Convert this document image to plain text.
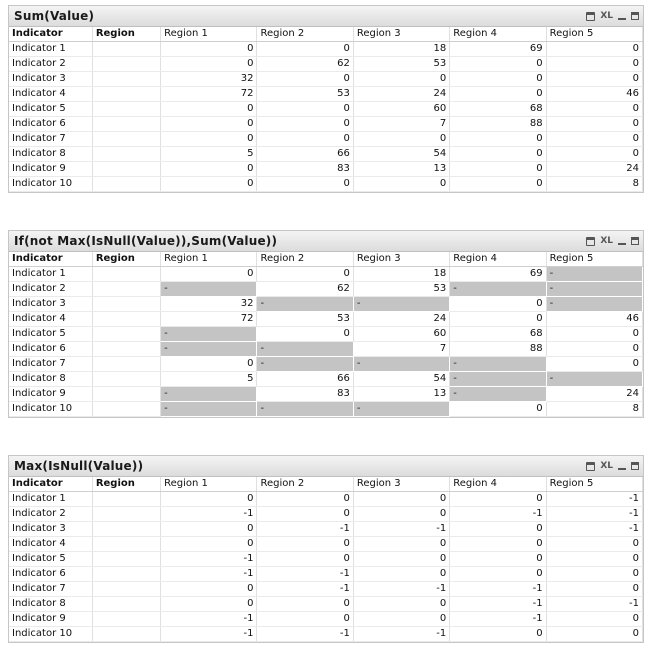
Sum(Value)	XL
Indicator	Region	Region 1	Region 2	Region 3	Region 4	Region 5
Indicator 1		0	0	18	69	0
Indicator 2		0	62	53	0	0
Indicator 3		32	0	0	0	0
Indicator 4		72	53	24	0	46
Indicator 5		0	0	60	68	0
Indicator 6		0	0	7	88	0
Indicator 7		0	0	0	0	0
Indicator 8		5	66	54	0	0
Indicator 9		0	83	13	0	24
Indicator 10		0	0	0	0	8
If(not Max(IsNull(Value)),Sum(Value))	XL
Indicator	Region	Region 1	Region 2	Region 3	Region 4	Region 5
Indicator 1		0	0	18	69	-
Indicator 2		-	62	53	-	-
Indicator 3		32	-	-	0	-
Indicator 4		72	53	24	0	46
Indicator 5		-	0	60	68	0
Indicator 6		-	-	7	88	0
Indicator 7		0	-	-	-	0
Indicator 8		5	66	54	-	-
Indicator 9		-	83	13	-	24
Indicator 10		-	-	-	0	8
Max(IsNull(Value))	XL
Indicator	Region	Region 1	Region 2	Region 3	Region 4	Region 5
Indicator 1		0	0	0	0	-1
Indicator 2		-1	0	0	-1	-1
Indicator 3		0	-1	-1	0	-1
Indicator 4		0	0	0	0	0
Indicator 5		-1	0	0	0	0
Indicator 6		-1	-1	0	0	0
Indicator 7		0	-1	-1	-1	0
Indicator 8		0	0	0	-1	-1
Indicator 9		-1	0	0	-1	0
Indicator 10		-1	-1	-1	0	0
